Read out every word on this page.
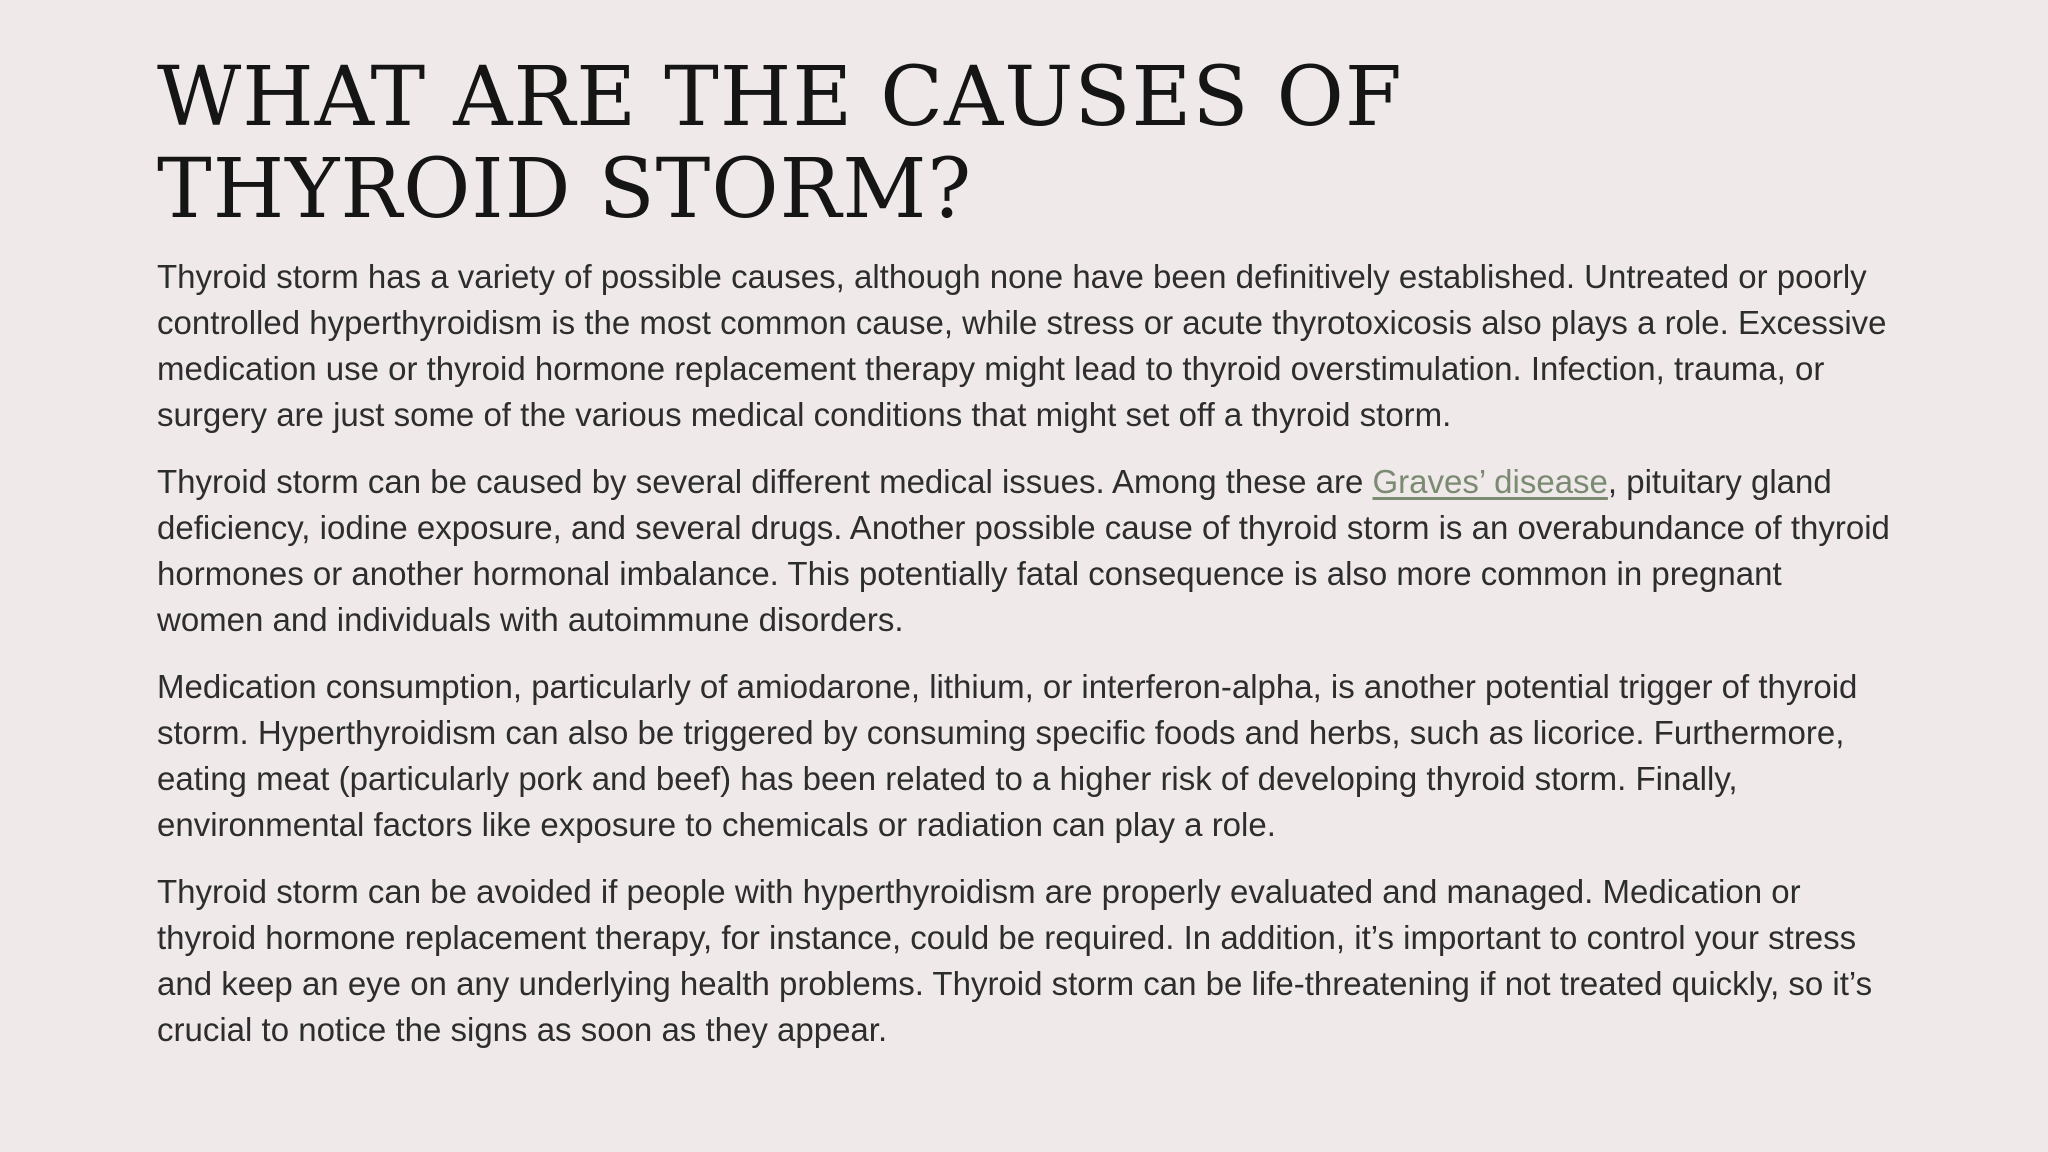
WHAT ARE THE CAUSES OF THYROID STORM?

Thyroid storm has a variety of possible causes, although none have been definitively established. Untreated or poorly controlled hyperthyroidism is the most common cause, while stress or acute thyrotoxicosis also plays a role. Excessive medication use or thyroid hormone replacement therapy might lead to thyroid overstimulation. Infection, trauma, or surgery are just some of the various medical conditions that might set off a thyroid storm.

Thyroid storm can be caused by several different medical issues. Among these are Graves’ disease, pituitary gland deficiency, iodine exposure, and several drugs. Another possible cause of thyroid storm is an overabundance of thyroid hormones or another hormonal imbalance. This potentially fatal consequence is also more common in pregnant women and individuals with autoimmune disorders.

Medication consumption, particularly of amiodarone, lithium, or interferon-alpha, is another potential trigger of thyroid storm. Hyperthyroidism can also be triggered by consuming specific foods and herbs, such as licorice. Furthermore, eating meat (particularly pork and beef) has been related to a higher risk of developing thyroid storm. Finally, environmental factors like exposure to chemicals or radiation can play a role.

Thyroid storm can be avoided if people with hyperthyroidism are properly evaluated and managed. Medication or thyroid hormone replacement therapy, for instance, could be required. In addition, it’s important to control your stress and keep an eye on any underlying health problems. Thyroid storm can be life-threatening if not treated quickly, so it’s crucial to notice the signs as soon as they appear.
